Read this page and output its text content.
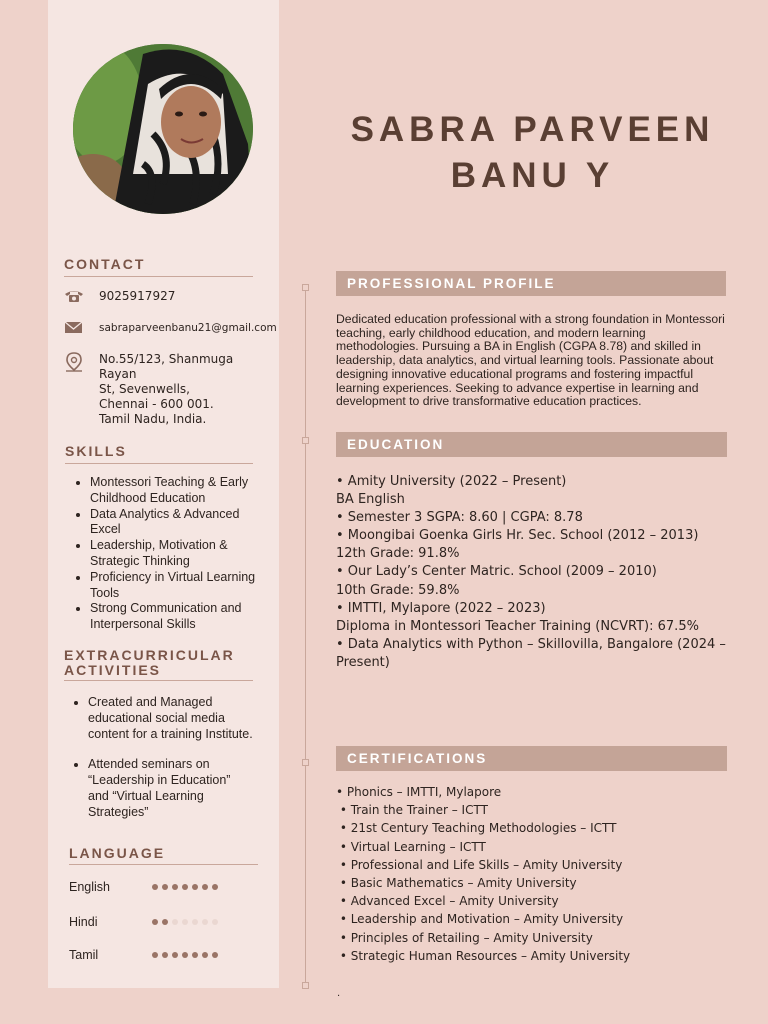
CONTACT
9025917927
sabraparveenbanu21@gmail.com
No.55/123, Shanmuga Rayan
St, Sevenwells,
Chennai - 600 001.
Tamil Nadu, India.
SKILLS
• Montessori Teaching & Early Childhood Education
• Data Analytics & Advanced Excel
• Leadership, Motivation & Strategic Thinking
• Proficiency in Virtual Learning Tools
• Strong Communication and Interpersonal Skills
EXTRACURRICULAR ACTIVITIES
• Created and Managed educational social media content for a training Institute.
• Attended seminars on “Leadership in Education” and “Virtual Learning Strategies”
LANGUAGE
English
Hindi
Tamil
SABRA PARVEEN
BANU Y
PROFESSIONAL PROFILE
Dedicated education professional with a strong foundation in Montessori teaching, early childhood education, and modern learning methodologies. Pursuing a BA in English (CGPA 8.78) and skilled in leadership, data analytics, and virtual learning tools. Passionate about designing innovative educational programs and fostering impactful learning experiences. Seeking to advance expertise in learning and development to drive transformative education practices.
EDUCATION
• Amity University (2022 – Present)
BA English
• Semester 3 SGPA: 8.60 | CGPA: 8.78
• Moongibai Goenka Girls Hr. Sec. School (2012 – 2013)
12th Grade: 91.8%
• Our Lady’s Center Matric. School (2009 – 2010)
10th Grade: 59.8%
• IMTTI, Mylapore (2022 – 2023)
Diploma in Montessori Teacher Training (NCVRT): 67.5%
• Data Analytics with Python – Skillovilla, Bangalore (2024 – Present)
CERTIFICATIONS
• Phonics – IMTTI, Mylapore
• Train the Trainer – ICTT
• 21st Century Teaching Methodologies – ICTT
• Virtual Learning – ICTT
• Professional and Life Skills – Amity University
• Basic Mathematics – Amity University
• Advanced Excel – Amity University
• Leadership and Motivation – Amity University
• Principles of Retailing – Amity University
• Strategic Human Resources – Amity University
.
